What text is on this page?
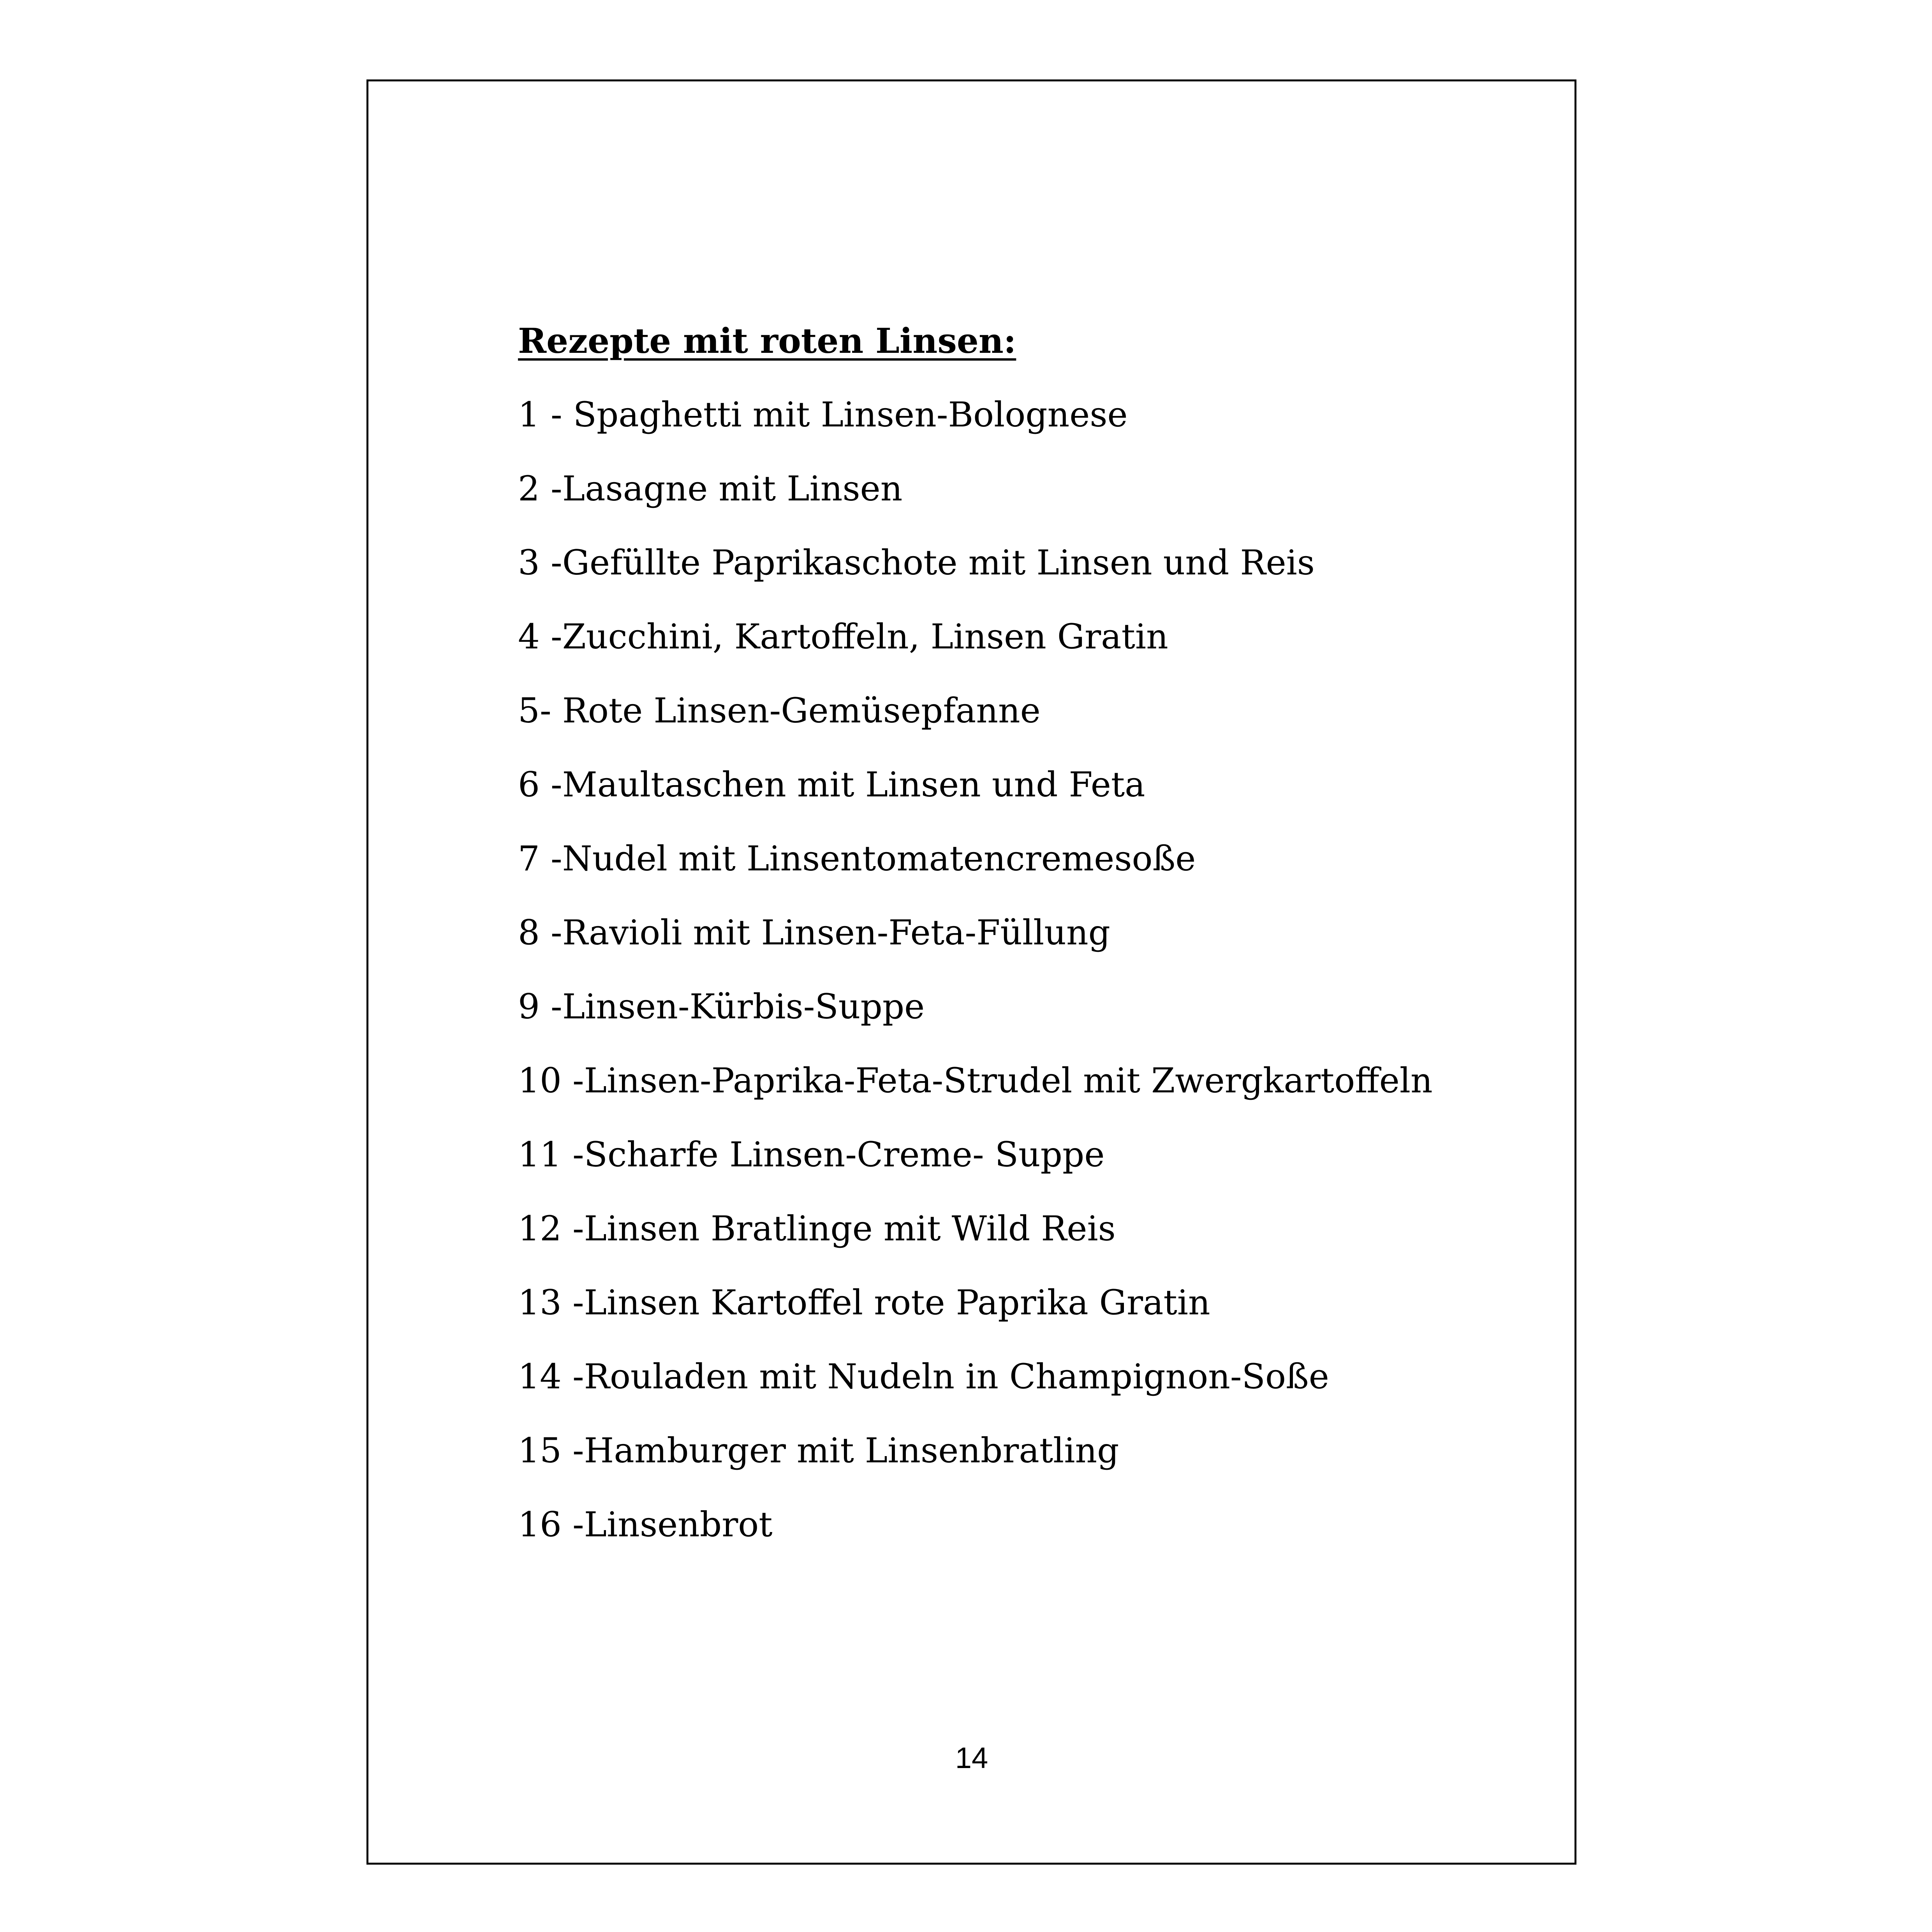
Rezepte mit roten Linsen:
1 - Spaghetti mit Linsen-Bolognese
2 -Lasagne mit Linsen
3 -Gefüllte Paprikaschote mit Linsen und Reis
4 -Zucchini, Kartoffeln, Linsen Gratin
5- Rote Linsen-Gemüsepfanne
6 -Maultaschen mit Linsen und Feta
7 -Nudel mit Linsentomatencremesoße
8 -Ravioli mit Linsen-Feta-Füllung
9 -Linsen-Kürbis-Suppe
10 -Linsen-Paprika-Feta-Strudel mit Zwergkartoffeln
11 -Scharfe Linsen-Creme- Suppe
12 -Linsen Bratlinge mit Wild Reis
13 -Linsen Kartoffel rote Paprika Gratin
14 -Rouladen mit Nudeln in Champignon-Soße
15 -Hamburger mit Linsenbratling
16 -Linsenbrot
14
